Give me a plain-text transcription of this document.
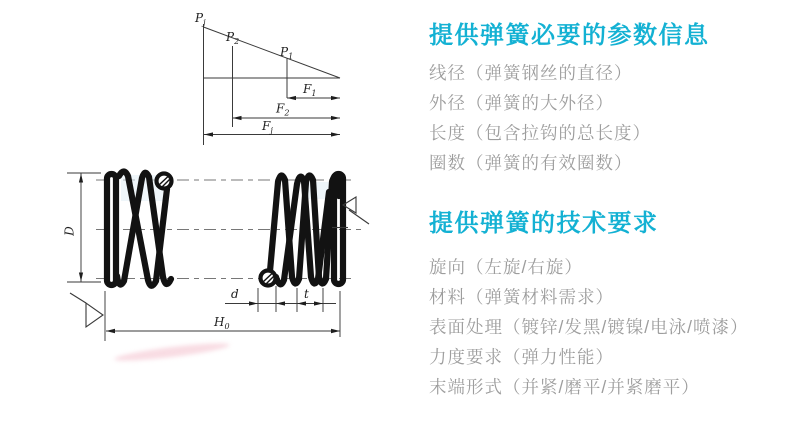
$P_j$
$P_2$
$P_1$
$F_1$
$F_2$
$F_j$
D
d	t
$H_0$
提供弹簧必要的参数信息
线径（弹簧钢丝的直径）
外径（弹簧的大外径）
长度（包含拉钩的总长度）
圈数（弹簧的有效圈数）
提供弹簧的技术要求
旋向（左旋/右旋）
材料（弹簧材料需求）
表面处理（镀锌/发黑/镀镍/电泳/喷漆）
力度要求（弹力性能）
末端形式（并紧/磨平/并紧磨平）
